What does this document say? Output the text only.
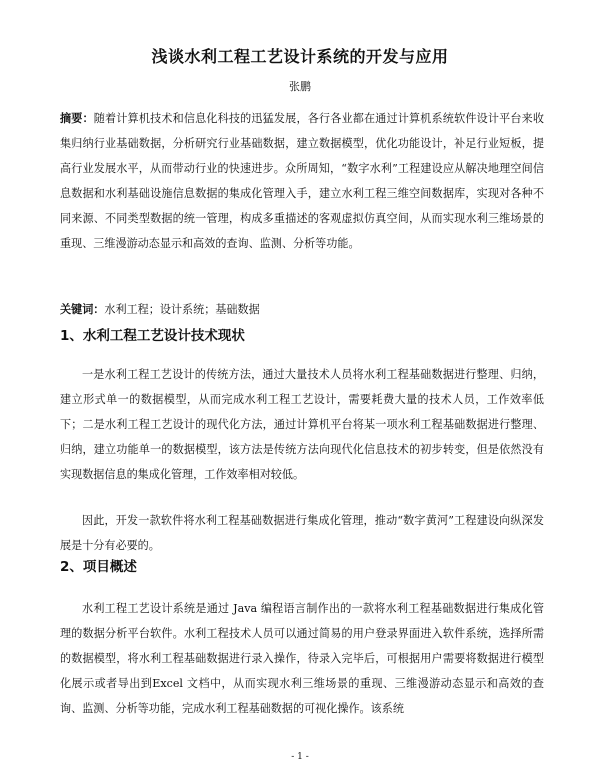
浅谈水利工程工艺设计系统的开发与应用

张鹏

摘要：随着计算机技术和信息化科技的迅猛发展，各行各业都在通过计算机系统软件设计平台来收集归纳行业基础数据，分析研究行业基础数据，建立数据模型，优化功能设计，补足行业短板，提高行业发展水平，从而带动行业的快速进步。众所周知，“数字水利”工程建设应从解决地理空间信息数据和水利基础设施信息数据的集成化管理入手，建立水利工程三维空间数据库，实现对各种不同来源、不同类型数据的统一管理，构成多重描述的客观虚拟仿真空间，从而实现水利三维场景的重现、三维漫游动态显示和高效的查询、监测、分析等功能。

关键词：水利工程；设计系统；基础数据

1、水利工程工艺设计技术现状

一是水利工程工艺设计的传统方法，通过大量技术人员将水利工程基础数据进行整理、归纳，建立形式单一的数据模型，从而完成水利工程工艺设计，需要耗费大量的技术人员，工作效率低下；二是水利工程工艺设计的现代化方法，通过计算机平台将某一项水利工程基础数据进行整理、归纳，建立功能单一的数据模型，该方法是传统方法向现代化信息技术的初步转变，但是依然没有实现数据信息的集成化管理，工作效率相对较低。

因此，开发一款软件将水利工程基础数据进行集成化管理，推动“数字黄河”工程建设向纵深发展是十分有必要的。

2、项目概述

水利工程工艺设计系统是通过 Java 编程语言制作出的一款将水利工程基础数据进行集成化管理的数据分析平台软件。水利工程技术人员可以通过简易的用户登录界面进入软件系统，选择所需的数据模型，将水利工程基础数据进行录入操作，待录入完毕后，可根据用户需要将数据进行模型化展示或者导出到Excel 文档中，从而实现水利三维场景的重现、三维漫游动态显示和高效的查询、监测、分析等功能，完成水利工程基础数据的可视化操作。该系统

- 1 -
